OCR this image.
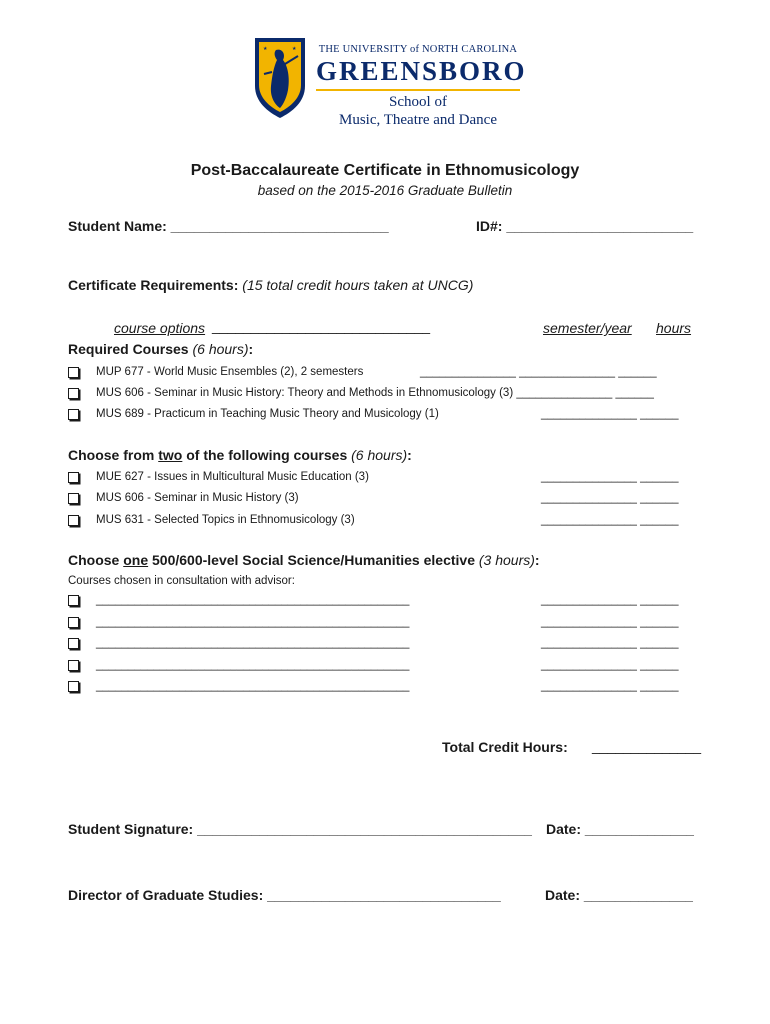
★	★ THE UNIVERSITY of NORTH CAROLINA
GREENSBORO
School of
Music, Theatre and Dance
Post-Baccalaureate Certificate in Ethnomusicology
based on the 2015-2016 Graduate Bulletin
Student Name: ____________________________	ID#: ________________________
Certificate Requirements: (15 total credit hours taken at UNCG)
course options ____________________________	semester/year hours
Required Courses (6 hours):
MUP 677 - World Music Ensembles (2), 2 semesters	_______________ _______________ ______
MUS 606 - Seminar in Music History: Theory and Methods in Ethnomusicology (3) _______________ ______
MUS 689 - Practicum in Teaching Music Theory and Musicology (1)	_______________ ______
Choose from two of the following courses (6 hours):
MUE 627 - Issues in Multicultural Music Education (3)	_______________ ______
MUS 606 - Seminar in Music History (3)	_______________ ______
MUS 631 - Selected Topics in Ethnomusicology (3)	_______________ ______
Choose one 500/600-level Social Science/Humanities elective (3 hours):
Courses chosen in consultation with advisor:
_________________________________________________	_______________ ______
_________________________________________________	_______________ ______
_________________________________________________	_______________ ______
_________________________________________________	_______________ ______
_________________________________________________	_______________ ______
Total Credit Hours: ______________
Student Signature: ___________________________________________ Date: ______________
Director of Graduate Studies: ______________________________	Date: ______________
